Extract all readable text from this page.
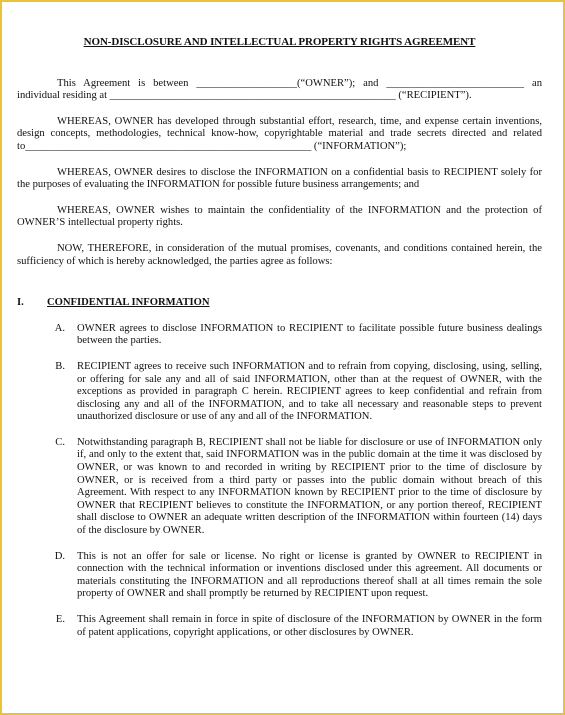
NON-DISCLOSURE AND INTELLECTUAL PROPERTY RIGHTS AGREEMENT

This Agreement is between ___________________(“OWNER”); and __________________________ an individual residing at ______________________________________________________ (“RECIPIENT”).

WHEREAS, OWNER has developed through substantial effort, research, time, and expense certain inventions, design concepts, methodologies, technical know-how, copyrightable material and trade secrets directed and related to______________________________________________________ (“INFORMATION”);

WHEREAS, OWNER desires to disclose the INFORMATION on a confidential basis to RECIPIENT solely for the purposes of evaluating the INFORMATION for possible future business arrangements; and

WHEREAS, OWNER wishes to maintain the confidentiality of the INFORMATION and the protection of OWNER’S intellectual property rights.

NOW, THEREFORE, in consideration of the mutual promises, covenants, and conditions contained herein, the sufficiency of which is hereby acknowledged, the parties agree as follows:

I.	CONFIDENTIAL INFORMATION
A.	OWNER agrees to disclose INFORMATION to RECIPIENT to facilitate possible future business dealings between the parties.
B.	RECIPIENT agrees to receive such INFORMATION and to refrain from copying, disclosing, using, selling, or offering for sale any and all of said INFORMATION, other than at the request of OWNER, with the exceptions as provided in paragraph C herein. RECIPIENT agrees to keep confidential and refrain from disclosing any and all of the INFORMATION, and to take all necessary and reasonable steps to prevent unauthorized disclosure or use of any and all of the INFORMATION.
C.	Notwithstanding paragraph B, RECIPIENT shall not be liable for disclosure or use of INFORMATION only if, and only to the extent that, said INFORMATION was in the public domain at the time it was disclosed by OWNER, or was known to and recorded in writing by RECIPIENT prior to the time of disclosure by OWNER, or is received from a third party or passes into the public domain without breach of this Agreement. With respect to any INFORMATION known by RECIPIENT prior to the time of disclosure by OWNER that RECIPIENT believes to constitute the INFORMATION, or any portion thereof, RECIPIENT shall disclose to OWNER an adequate written description of the INFORMATION within fourteen (14) days of the disclosure by OWNER.
D.	This is not an offer for sale or license. No right or license is granted by OWNER to RECIPIENT in connection with the technical information or inventions disclosed under this agreement. All documents or materials constituting the INFORMATION and all reproductions thereof shall at all times remain the sole property of OWNER and shall promptly be returned by RECIPIENT upon request.
E.	This Agreement shall remain in force in spite of disclosure of the INFORMATION by OWNER in the form of patent applications, copyright applications, or other disclosures by OWNER.
